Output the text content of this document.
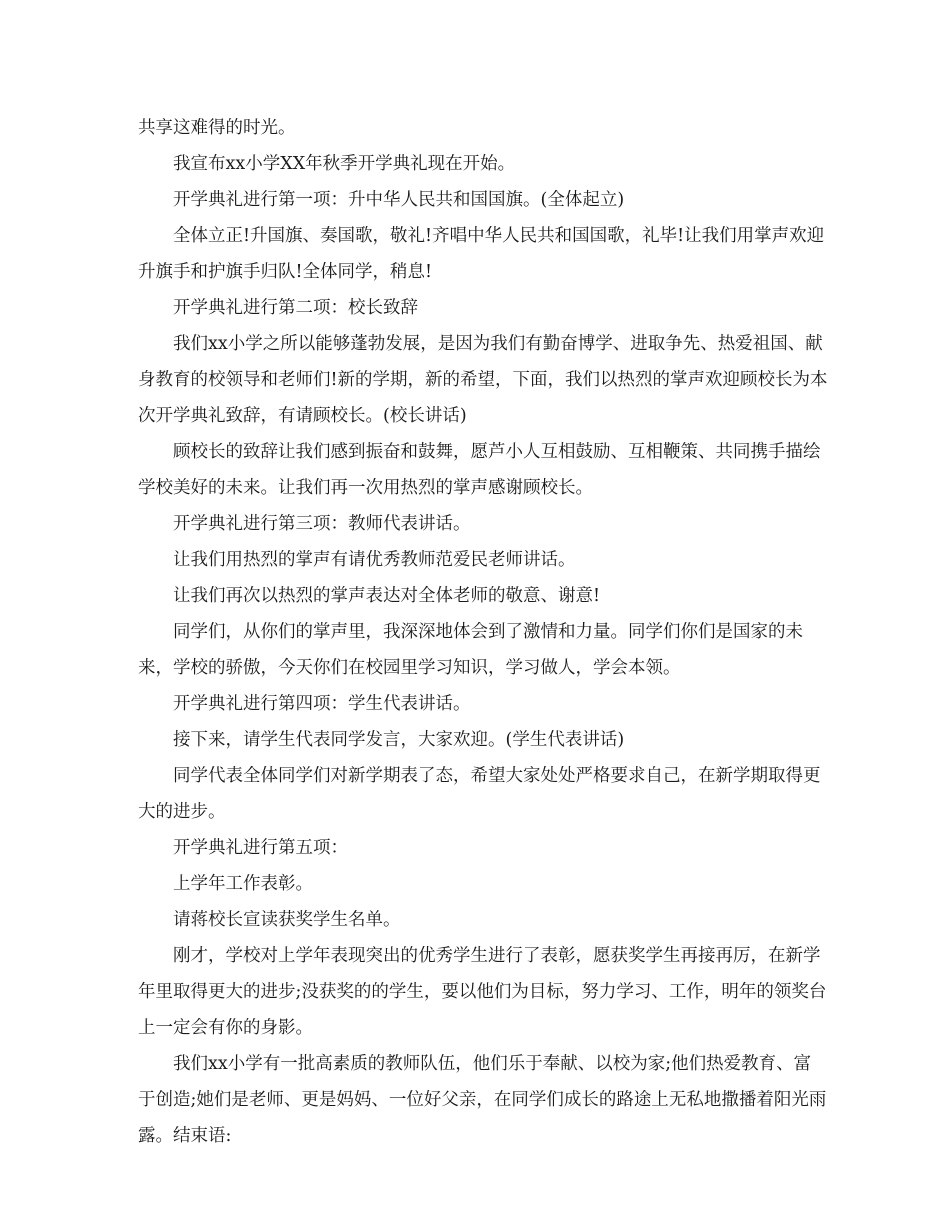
共享这难得的时光。

我宣布xx小学XX年秋季开学典礼现在开始。

开学典礼进行第一项：升中华人民共和国国旗。(全体起立)

全体立正!升国旗、奏国歌，敬礼!齐唱中华人民共和国国歌，礼毕!让我们用掌声欢迎升旗手和护旗手归队!全体同学，稍息!

开学典礼进行第二项：校长致辞

我们xx小学之所以能够蓬勃发展，是因为我们有勤奋博学、进取争先、热爱祖国、献身教育的校领导和老师们!新的学期，新的希望，下面，我们以热烈的掌声欢迎顾校长为本次开学典礼致辞，有请顾校长。(校长讲话)

顾校长的致辞让我们感到振奋和鼓舞，愿芦小人互相鼓励、互相鞭策、共同携手描绘学校美好的未来。让我们再一次用热烈的掌声感谢顾校长。

开学典礼进行第三项：教师代表讲话。

让我们用热烈的掌声有请优秀教师范爱民老师讲话。

让我们再次以热烈的掌声表达对全体老师的敬意、谢意!

同学们，从你们的掌声里，我深深地体会到了激情和力量。同学们你们是国家的未来，学校的骄傲，今天你们在校园里学习知识，学习做人，学会本领。

开学典礼进行第四项：学生代表讲话。

接下来，请学生代表同学发言，大家欢迎。(学生代表讲话)

同学代表全体同学们对新学期表了态，希望大家处处严格要求自己，在新学期取得更大的进步。

开学典礼进行第五项：

上学年工作表彰。

请蒋校长宣读获奖学生名单。

刚才，学校对上学年表现突出的优秀学生进行了表彰，愿获奖学生再接再厉，在新学年里取得更大的进步;没获奖的的学生，要以他们为目标，努力学习、工作，明年的领奖台上一定会有你的身影。

我们xx小学有一批高素质的教师队伍，他们乐于奉献、以校为家;他们热爱教育、富于创造;她们是老师、更是妈妈、一位好父亲，在同学们成长的路途上无私地撒播着阳光雨露。结束语:
